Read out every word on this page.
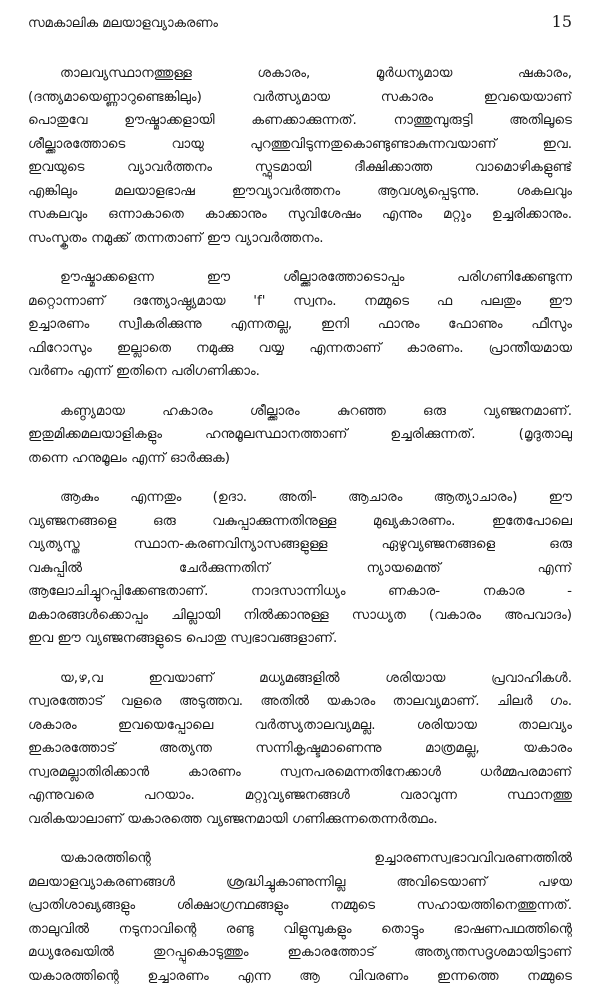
സമകാലിക മലയാളവ്യാകരണം	15
താലവ്യസ്ഥാനത്തുള്ള ശകാരം, മൂർധന്യമായ ഷകാരം,
(ദന്ത്യമായെണ്ണാറുണ്ടെങ്കിലും) വർത്സ്യമായ സകാരം ഇവയെയാണ്
പൊതുവേ ഊഷ്മാക്കളായി കണക്കാക്കുന്നത്. നാത്തുമ്പുരുട്ടി അതിലൂടെ
ശീല്ക്കാരത്തോടെ വായു പുറത്തുവിടുന്നതുകൊണ്ടുണ്ടാകുന്നവയാണ് ഇവ.
ഇവയുടെ വ്യാവർത്തനം സ്ഫുടമായി ദീക്ഷിക്കാത്ത വാമൊഴികളുണ്ട്
എങ്കിലും മലയാളഭാഷ ഈവ്യാവർത്തനം ആവശ്യപ്പെടുന്നു. ശകലവും
സകലവും ഒന്നാകാതെ കാക്കാനും സുവിശേഷം എന്നും മറ്റും ഉച്ചരിക്കാനും.
സംസ്കൃതം നമുക്ക് തന്നതാണ് ഈ വ്യാവർത്തനം.
ഊഷ്മാക്കളെന്ന ഈ ശീല്ക്കാരത്തോടൊപ്പം പരിഗണിക്കേണ്ടുന്ന
മറ്റൊന്നാണ് ദന്ത്യോഷ്ഠ്യമായ 'f' സ്വനം. നമ്മുടെ ഫ പലതും ഈ
ഉച്ചാരണം സ്വീകരിക്കുന്നു എന്നതല്ല, ഇനി ഫാനും ഫോണും ഫീസും
ഫിറോസും ഇല്ലാതെ നമുക്കു വയ്യ എന്നതാണ് കാരണം. പ്രാന്തീയമായ
വർണം എന്ന് ഇതിനെ പരിഗണിക്കാം.
കണ്ഠ്യമായ ഹകാരം ശീല്ക്കാരം കുറഞ്ഞ ഒരു വ്യഞ്ജനമാണ്.
ഇതുമിക്കമലയാളികളും ഹനുമൂലസ്ഥാനത്താണ് ഉച്ചരിക്കുന്നത്. (മൃദുതാലു
തന്നെ ഹനുമൂലം എന്ന് ഓർക്കുക)
ആകും എന്നതും (ഉദാ. അതി- ആചാരം ആത്യാചാരം) ഈ
വ്യഞ്ജനങ്ങളെ ഒരു വകുപ്പാക്കുന്നതിനുള്ള മുഖ്യകാരണം. ഇതേപോലെ
വ്യത്യസ്ത സ്ഥാന-കരണവിന്യാസങ്ങളുള്ള ഏഴുവ്യഞ്ജനങ്ങളെ ഒരു
വകുപ്പിൽ ചേർക്കുന്നതിന് ന്യായമെന്ത് എന്ന്
ആലോചിച്ചുറപ്പിക്കേണ്ടതാണ്. നാദസാന്നിധ്യം ണകാര- നകാര -
മകാരങ്ങൾക്കൊപ്പം ചില്ലായി നിൽക്കാനുള്ള സാധ്യത (വകാരം അപവാദം)
ഇവ ഈ വ്യഞ്ജനങ്ങളുടെ പൊതു സ്വഭാവങ്ങളാണ്.
യ,ഴ,വ ഇവയാണ് മധ്യമങ്ങളിൽ ശരിയായ പ്രവാഹികൾ.
സ്വരത്തോട് വളരെ അടുത്തവ. അതിൽ യകാരം താലവ്യമാണ്. ചിലർ ഗം.
ശകാരം ഇവയെപ്പോലെ വർത്സ്യതാലവ്യമല്ല. ശരിയായ താലവ്യം
ഇകാരത്തോട് അത്യന്ത സന്നികൃഷ്ടമാണെന്നു മാത്രമല്ല, യകാരം
സ്വരമല്ലാതിരിക്കാൻ കാരണം സ്വനപരമെന്നതിനേക്കാൾ ധർമ്മപരമാണ്
എന്നുവരെ പറയാം. മറ്റുവ്യഞ്ജനങ്ങൾ വരാവുന്ന സ്ഥാനത്തു
വരികയാലാണ് യകാരത്തെ വ്യഞ്ജനമായി ഗണിക്കുന്നതെന്നർത്ഥം.
യകാരത്തിന്റെ ഉച്ചാരണസ്വഭാവവിവരണത്തിൽ
മലയാളവ്യാകരണങ്ങൾ ശ്രദ്ധിച്ചുകാണുന്നില്ല അവിടെയാണ് പഴയ
പ്രാതിശാഖ്യങ്ങളും ശിക്ഷാഗ്രന്ഥങ്ങളും നമ്മുടെ സഹായത്തിനെത്തുന്നത്.
താലുവിൽ നടുനാവിന്റെ രണ്ടു വിളുമ്പുകളും തൊട്ടും ഭാഷണപഥത്തിന്റെ
മധ്യരേഖയിൽ തുറപ്പുകൊടുത്തും ഇകാരത്തോട് അത്യന്തസദൃശമായിട്ടാണ്
യകാരത്തിന്റെ ഉച്ചാരണം എന്ന ആ വിവരണം ഇന്നത്തെ നമ്മുടെ
